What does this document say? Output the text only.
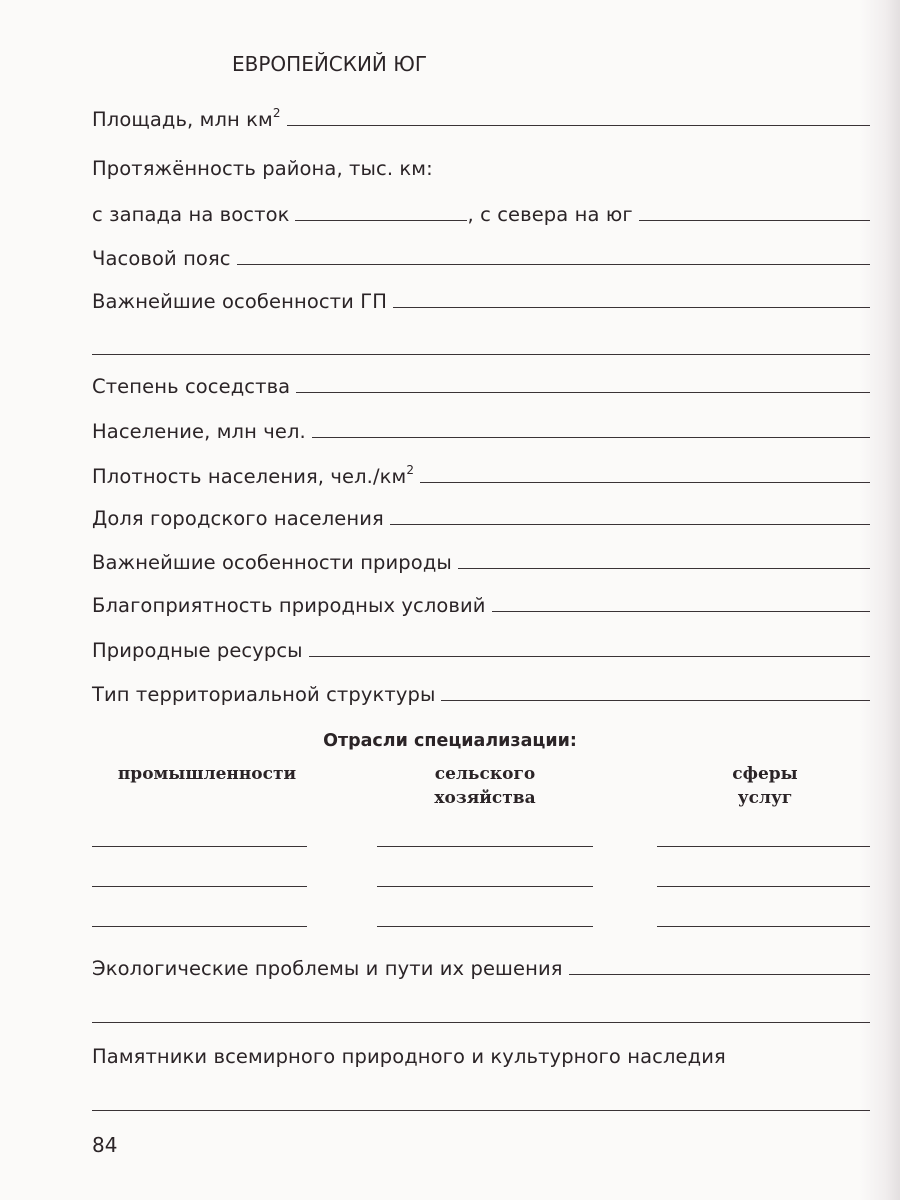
ЕВРОПЕЙСКИЙ ЮГ
Площадь, млн $км^2$
Протяжённость района, тыс. км:
с запада на восток	, с севера на юг
Часовой пояс
Важнейшие особенности ГП
Степень соседства
Население, млн чел.
Плотность населения, $чел./км^2$
Доля городского населения
Важнейшие особенности природы
Благоприятность природных условий
Природные ресурсы
Тип территориальной структуры
Отрасли специализации:
промышленности	сельского
хозяйства
сферы
услуг
Экологические проблемы и пути их решения
Памятники всемирного природного и культурного наследия
84
